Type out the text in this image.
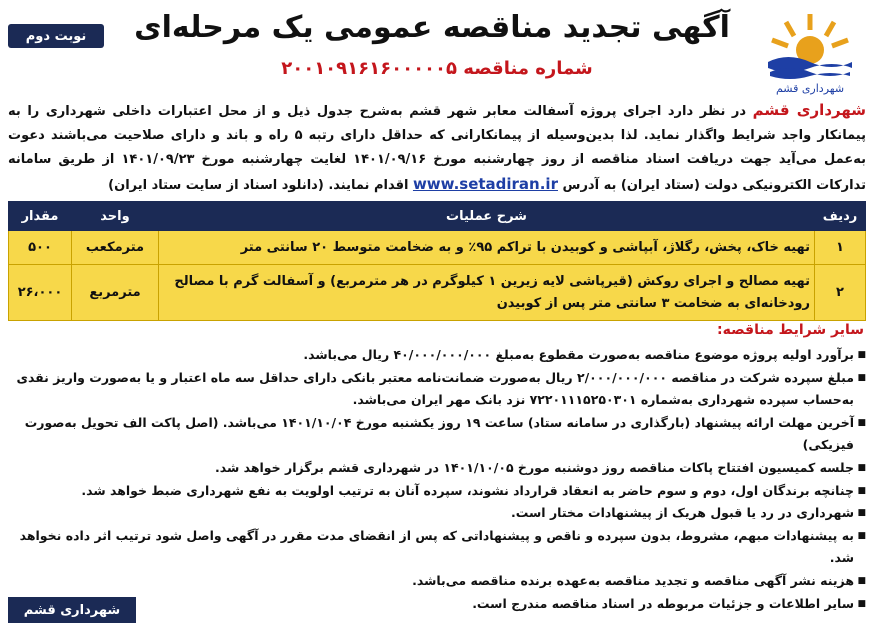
شهرداری قشم
نوبت دوم	آگهی تجدید مناقصه عمومی یک مرحله‌ای
شماره مناقصه ۲۰۰۱۰۹۱۶۱۶۰۰۰۰۰۵
شهرداری قشم در نظر دارد اجرای پروژه آسفالت معابر شهر قشم به‌شرح جدول ذیل و از محل اعتبارات داخلی شهرداری را به پیمانکار واجد شرایط واگذار نماید. لذا بدین‌وسیله از پیمانکارانی که حداقل دارای رتبه ۵ راه و باند و دارای صلاحیت می‌باشند دعوت به‌عمل می‌آید جهت دریافت اسناد مناقصه از روز چهارشنبه مورخ ۱۴۰۱/۰۹/۱۶ لغایت چهارشنبه مورخ ۱۴۰۱/۰۹/۲۳ از طریق سامانه تدارکات الکترونیکی دولت (ستاد ایران) به آدرس www.setadiran.ir اقدام نمایند. (دانلود اسناد از سایت ستاد ایران)
ردیف	شرح عملیات	واحد	مقدار
۱	تهیه خاک، پخش، رگلاژ، آبپاشی و کوبیدن با تراکم ۹۵٪ و به ضخامت متوسط ۲۰ سانتی متر	مترمکعب	۵۰۰
۲	تهیه مصالح و اجرای روکش (قیرپاشی لایه زیرین ۱ کیلوگرم در هر مترمربع) و آسفالت گرم با مصالح رودخانه‌ای به ضخامت ۳ سانتی متر پس از کوبیدن	مترمربع	۲۶،۰۰۰
سایر شرایط مناقصه:
■ برآورد اولیه پروژه موضوع مناقصه به‌صورت مقطوع به‌مبلغ ۴۰/۰۰۰/۰۰۰/۰۰۰ ریال می‌باشد.
■ مبلغ سپرده شرکت در مناقصه ۲/۰۰۰/۰۰۰/۰۰۰ ریال به‌صورت ضمانت‌نامه معتبر بانکی دارای حداقل سه ماه اعتبار و یا به‌صورت واریز نقدی به‌حساب سپرده شهرداری به‌شماره ۷۲۲۰۱۱۱۵۲۵۰۳۰۱ نزد بانک مهر ایران می‌باشد.
■ آخرین مهلت ارائه پیشنهاد (بارگذاری در سامانه ستاد) ساعت ۱۹ روز یکشنبه مورخ ۱۴۰۱/۱۰/۰۴ می‌باشد. (اصل پاکت الف تحویل به‌صورت فیزیکی)
■ جلسه کمیسیون افتتاح پاکات مناقصه روز دوشنبه مورخ ۱۴۰۱/۱۰/۰۵ در شهرداری قشم برگزار خواهد شد.
■ چنانچه برندگان اول، دوم و سوم حاضر به انعقاد قرارداد نشوند، سپرده آنان به ترتیب اولویت به نفع شهرداری ضبط خواهد شد.
■ شهرداری در رد یا قبول هریک از پیشنهادات مختار است.
■ به پیشنهادات مبهم، مشروط، بدون سپرده و ناقص و پیشنهاداتی که پس از انقضای مدت مقرر در آگهی واصل شود ترتیب اثر داده نخواهد شد.
■ هزینه نشر آگهی مناقصه و تجدید مناقصه به‌عهده برنده مناقصه می‌باشد.
■ سایر اطلاعات و جزئیات مربوطه در اسناد مناقصه مندرج است.
شهرداری قشم
